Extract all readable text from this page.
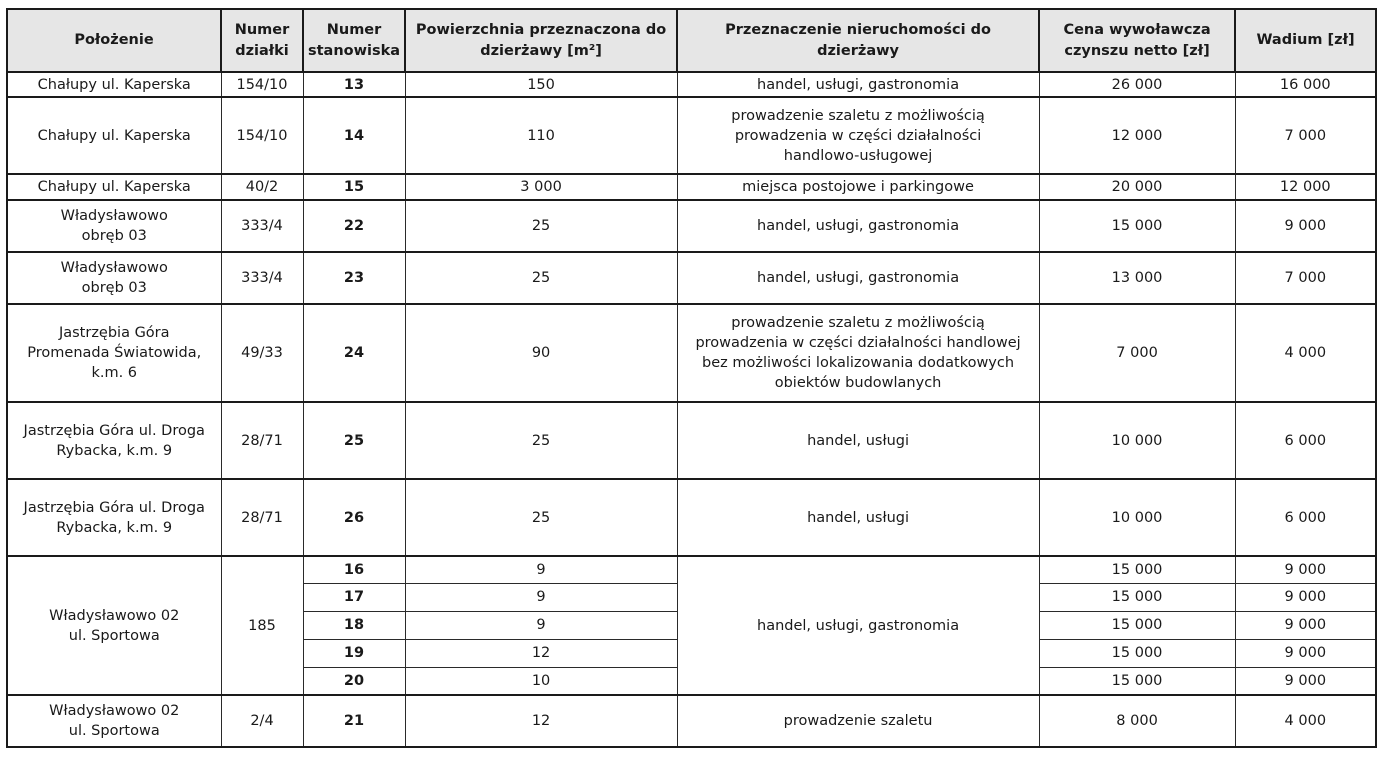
Położenie	Numer działki	Numer stanowiska	Powierzchnia przeznaczona do dzierżawy [m²]	Przeznaczenie nieruchomości do dzierżawy	Cena wywoławcza czynszu netto [zł]	Wadium [zł]
Chałupy ul. Kaperska	154/10	13	150	handel, usługi, gastronomia	26 000	16 000
Chałupy ul. Kaperska	154/10	14	110	prowadzenie szaletu z możliwością prowadzenia w części działalności handlowo-usługowej	12 000	7 000
Chałupy ul. Kaperska	40/2	15	3 000	miejsca postojowe i parkingowe	20 000	12 000
Władysławowo obręb 03	333/4	22	25	handel, usługi, gastronomia	15 000	9 000
Władysławowo obręb 03	333/4	23	25	handel, usługi, gastronomia	13 000	7 000
Jastrzębia Góra Promenada Światowida, k.m. 6	49/33	24	90	prowadzenie szaletu z możliwością prowadzenia w części działalności handlowej bez możliwości lokalizowania dodatkowych obiektów budowlanych	7 000	4 000
Jastrzębia Góra ul. Droga Rybacka, k.m. 9	28/71	25	25	handel, usługi	10 000	6 000
Jastrzębia Góra ul. Droga Rybacka, k.m. 9	28/71	26	25	handel, usługi	10 000	6 000
Władysławowo 02 ul. Sportowa	185	16	9	handel, usługi, gastronomia	15 000	9 000
		17	9		15 000	9 000
		18	9		15 000	9 000
		19	12		15 000	9 000
		20	10		15 000	9 000
Władysławowo 02 ul. Sportowa	2/4	21	12	prowadzenie szaletu	8 000	4 000
